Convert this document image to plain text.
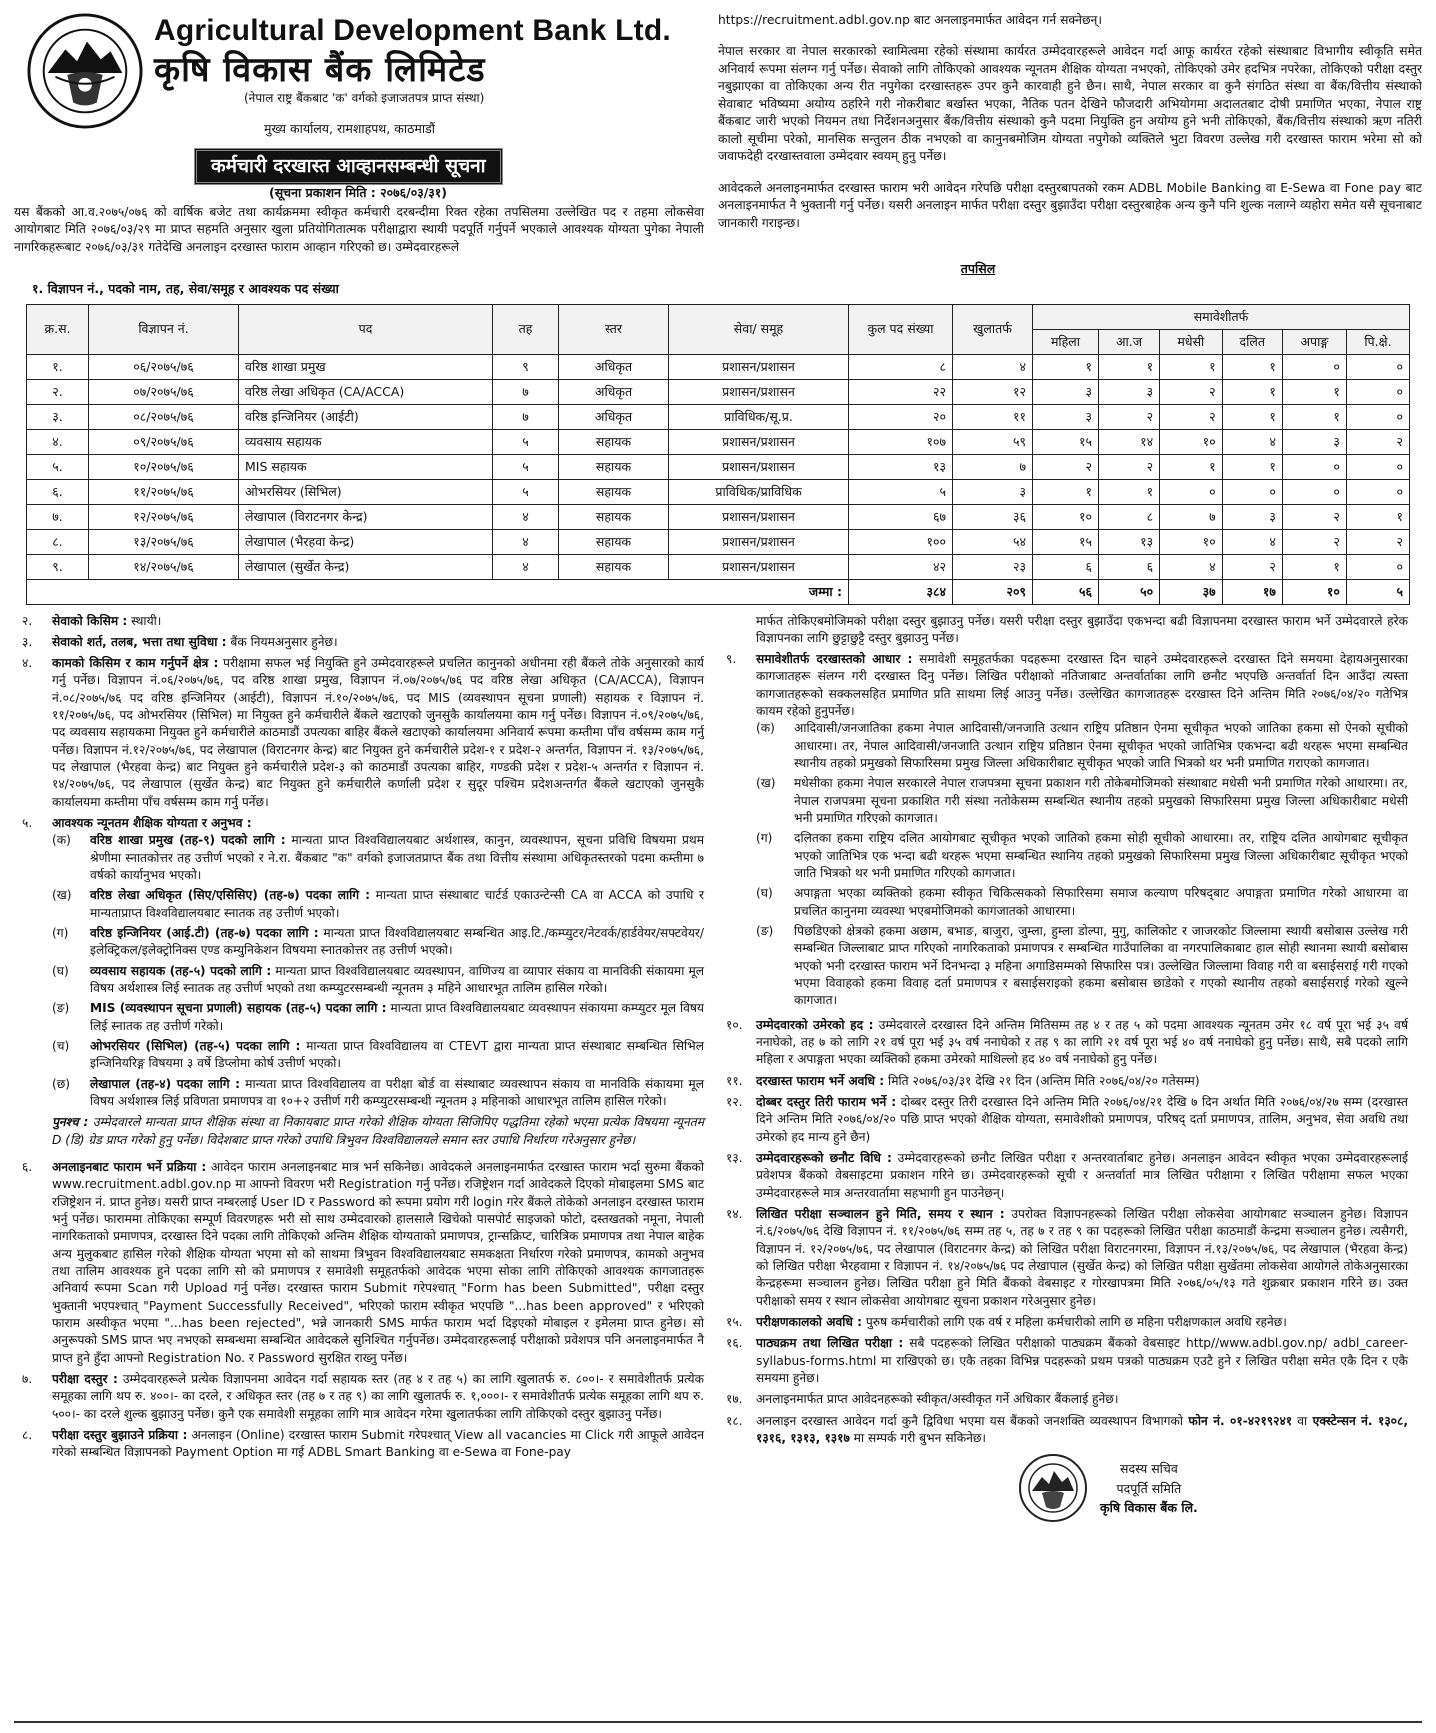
Agricultural Development Bank Ltd.
कृषि विकास बैंक लिमिटेड
(नेपाल राष्ट्र बैंकबाट 'क' वर्गको इजाजतपत्र प्राप्त संस्था)
मुख्य कार्यालय, रामशाहपथ, काठमाडौं
कर्मचारी दरखास्त आव्हानसम्बन्धी सूचना
(सूचना प्रकाशन मिति : २०७६/०३/३१)
यस बैंकको आ.व.२०७५/०७६ को वार्षिक बजेट तथा कार्यक्रममा स्वीकृत कर्मचारी दरबन्दीमा रिक्त रहेका तपसिलमा उल्लेखित पद र तहमा लोकसेवा आयोगबाट मिति २०७६/०३/२९ मा प्राप्त सहमति अनुसार खुला प्रतियोगितात्मक परीक्षाद्वारा स्थायी पदपूर्ति गर्नुपर्ने भएकाले आवश्यक योग्यता पुगेका नेपाली नागरिकहरूबाट २०७६/०३/३१ गतेदेखि अनलाइन दरखास्त फाराम आव्हान गरिएको छ। उम्मेदवारहरूले

https://recruitment.adbl.gov.np बाट अनलाइनमार्फत आवेदन गर्न सक्नेछन्।

नेपाल सरकार वा नेपाल सरकारको स्वामित्वमा रहेको संस्थामा कार्यरत उम्मेदवारहरूले आवेदन गर्दा आफू कार्यरत रहेको संस्थाबाट विभागीय स्वीकृति समेत अनिवार्य रूपमा संलग्न गर्नु पर्नेछ। सेवाको लागि तोकिएको आवश्यक न्यूनतम शैक्षिक योग्यता नभएको, तोकिएको उमेर हदभित्र नपरेका, तोकिएको परीक्षा दस्तुर नबुझाएका वा तोकिएका अन्य रीत नपुगेका दरखास्तहरू उपर कुनै कारवाही हुने छैन। साथै, नेपाल सरकार वा कुनै संगठित संस्था वा बैंक/वित्तीय संस्थाको सेवाबाट भविष्यमा अयोग्य ठहरिने गरी नोकरीबाट बर्खास्त भएका, नैतिक पतन देखिने फौजदारी अभियोगमा अदालतबाट दोषी प्रमाणित भएका, नेपाल राष्ट्र बैंकबाट जारी भएको नियमन तथा निर्देशनअनुसार बैंक/वित्तीय संस्थाको कुनै पदमा नियुक्ति हुन अयोग्य हुने भनी तोकिएको, बैंक/वित्तीय संस्थाको ऋण नतिरी कालो सूचीमा परेको, मानसिक सन्तुलन ठीक नभएको वा कानुनबमोजिम योग्यता नपुगेको व्यक्तिले भुटा विवरण उल्लेख गरी दरखास्त फाराम भरेमा सो को जवाफदेही दरखास्तवाला उम्मेदवार स्वयम् हुनु पर्नेछ।

आवेदकले अनलाइनमार्फत दरखास्त फाराम भरी आवेदन गरेपछि परीक्षा दस्तुरबापतको रकम ADBL Mobile Banking वा E-Sewa वा Fone pay बाट अनलाइनमार्फत नै भुक्तानी गर्नु पर्नेछ। यसरी अनलाइन मार्फत परीक्षा दस्तुर बुझाउँदा परीक्षा दस्तुरबाहेक अन्य कुनै पनि शुल्क नलाग्ने व्यहोरा समेत यसै सूचनाबाट जानकारी गराइन्छ।

तपसिल
१. विज्ञापन नं., पदको नाम, तह, सेवा/समूह र आवश्यक पद संख्या
क्र.स.	विज्ञापन नं.	पद	तह	स्तर	सेवा/ समूह	कुल पद संख्या	खुलातर्फ	समावेशीतर्फ					
								महिला	आ.ज	मधेसी	दलित	अपाङ्ग	पि.क्षे.
१.	०६/२०७५/७६	वरिष्ठ शाखा प्रमुख	९	अधिकृत	प्रशासन/प्रशासन	८	४	१	१	१	१	०	०
२.	०७/२०७५/७६	वरिष्ठ लेखा अधिकृत (CA/ACCA)	७	अधिकृत	प्रशासन/प्रशासन	२२	१२	३	३	२	१	१	०
३.	०८/२०७५/७६	वरिष्ठ इन्जिनियर (आईटी)	७	अधिकृत	प्राविधिक/सू.प्र.	२०	११	३	२	२	१	१	०
४.	०९/२०७५/७६	व्यवसाय सहायक	५	सहायक	प्रशासन/प्रशासन	१०७	५९	१५	१४	१०	४	३	२
५.	१०/२०७५/७६	MIS सहायक	५	सहायक	प्रशासन/प्रशासन	१३	७	२	२	१	१	०	०
६.	११/२०७५/७६	ओभरसियर (सिभिल)	५	सहायक	प्राविधिक/प्राविधिक	५	३	१	१	०	०	०	०
७.	१२/२०७५/७६	लेखापाल (विराटनगर केन्द्र)	४	सहायक	प्रशासन/प्रशासन	६७	३६	१०	८	७	३	२	१
८.	१३/२०७५/७६	लेखापाल (भैरहवा केन्द्र)	४	सहायक	प्रशासन/प्रशासन	१००	५४	१५	१३	१०	४	२	२
९.	१४/२०७५/७६	लेखापाल (सुर्खेत केन्द्र)	४	सहायक	प्रशासन/प्रशासन	४२	२३	६	६	४	२	१	०
जम्मा :						३८४	२०९	५६	५०	३७	१७	१०	५
२.	सेवाको किसिम : स्थायी।
३.	सेवाको शर्त, तलब, भत्ता तथा सुविधा : बैंक नियमअनुसार हुनेछ।
४.	कामको किसिम र काम गर्नुपर्ने क्षेत्र : परीक्षामा सफल भई नियुक्ति हुने उम्मेदवारहरूले प्रचलित कानुनको अधीनमा रही बैंकले तोके अनुसारको कार्य गर्नु पर्नेछ। विज्ञापन नं.०६/२०७५/७६, पद वरिष्ठ शाखा प्रमुख, विज्ञापन नं.०७/२०७५/७६ पद वरिष्ठ लेखा अधिकृत (CA/ACCA), विज्ञापन नं.०८/२०७५/७६ पद वरिष्ठ इन्जिनियर (आईटी), विज्ञापन नं.१०/२०७५/७६, पद MIS (व्यवस्थापन सूचना प्रणाली) सहायक र विज्ञापन नं. ११/२०७५/७६, पद ओभरसियर (सिभिल) मा नियुक्त हुने कर्मचारीले बैंकले खटाएको जुनसुकै कार्यालयमा काम गर्नु पर्नेछ। विज्ञापन नं.०९/२०७५/७६, पद व्यवसाय सहायकमा नियुक्त हुने कर्मचारीले काठमाडौं उपत्यका बाहिर बैंकले खटाएको कार्यालयमा अनिवार्य रूपमा कम्तीमा पाँच वर्षसम्म काम गर्नु पर्नेछ। विज्ञापन नं.१२/२०७५/७६, पद लेखापाल (विराटनगर केन्द्र) बाट नियुक्त हुने कर्मचारीले प्रदेश-१ र प्रदेश-२ अन्तर्गत, विज्ञापन नं. १३/२०७५/७६, पद लेखापाल (भैरहवा केन्द्र) बाट नियुक्त हुने कर्मचारीले प्रदेश-३ को काठमाडौं उपत्यका बाहिर, गण्डकी प्रदेश र प्रदेश-५ अन्तर्गत र विज्ञापन नं. १४/२०७५/७६, पद लेखापाल (सुर्खेत केन्द्र) बाट नियुक्त हुने कर्मचारीले कर्णाली प्रदेश र सुदूर पश्चिम प्रदेशअन्तर्गत बैंकले खटाएको जुनसुकै कार्यालयमा कम्तीमा पाँच वर्षसम्म काम गर्नु पर्नेछ।
५.	आवश्यक न्यूनतम शैक्षिक योग्यता र अनुभव :
(क)	वरिष्ठ शाखा प्रमुख (तह-९) पदको लागि : मान्यता प्राप्त विश्वविद्यालयबाट अर्थशास्त्र, कानुन, व्यवस्थापन, सूचना प्रविधि विषयमा प्रथम श्रेणीमा स्नातकोत्तर तह उत्तीर्ण भएको र ने.रा. बैंकबाट "क" वर्गको इजाजतप्राप्त बैंक तथा वित्तीय संस्थामा अधिकृतस्तरको पदमा कम्तीमा ७ वर्षको कार्यानुभव भएको।
(ख)	वरिष्ठ लेखा अधिकृत (सिए/एसिसिए) (तह-७) पदका लागि : मान्यता प्राप्त संस्थाबाट चार्टर्ड एकाउन्टेन्सी CA वा ACCA को उपाधि र मान्यताप्राप्त विश्वविद्यालयबाट स्नातक तह उत्तीर्ण भएको।
(ग)	वरिष्ठ इन्जिनियर (आई.टी) (तह-७) पदका लागि : मान्यता प्राप्त विश्वविद्यालयबाट सम्बन्धित आइ.टि./कम्प्युटर/नेटवर्क/हार्डवेयर/सफ्टवेयर/इलेक्ट्रिकल/इलेक्ट्रोनिक्स एण्ड कम्युनिकेशन विषयमा स्नातकोत्तर तह उत्तीर्ण भएको।
(घ)	व्यवसाय सहायक (तह-५) पदको लागि : मान्यता प्राप्त विश्वविद्यालयबाट व्यवस्थापन, वाणिज्य वा व्यापार संकाय वा मानविकी संकायमा मूल विषय अर्थशास्त्र लिई स्नातक तह उत्तीर्ण भएको तथा कम्प्युटरसम्बन्धी न्यूनतम ३ महिने आधारभूत तालिम हासिल गरेको।
(ङ)	MIS (व्यवस्थापन सूचना प्रणाली) सहायक (तह-५) पदका लागि : मान्यता प्राप्त विश्वविद्यालयबाट व्यवस्थापन संकायमा कम्प्युटर मूल विषय लिई स्नातक तह उत्तीर्ण गरेको।
(च)	ओभरसियर (सिभिल) (तह-५) पदका लागि : मान्यता प्राप्त विश्वविद्यालय वा CTEVT द्वारा मान्यता प्राप्त संस्थाबाट सम्बन्धित सिभिल इन्जिनियरिङ्ग विषयमा ३ वर्षे डिप्लोमा कोर्ष उत्तीर्ण भएको।
(छ)	लेखापाल (तह-४) पदका लागि : मान्यता प्राप्त विश्वविद्यालय वा परीक्षा बोर्ड वा संस्थाबाट व्यवस्थापन संकाय वा मानविकि संकायमा मूल विषय अर्थशास्त्र लिई प्रविणता प्रमाणपत्र वा १०+२ उत्तीर्ण गरी कम्प्युटरसम्बन्धी न्यूनतम ३ महिनाको आधारभूत तालिम हासिल गरेको।
पुनश्च : उम्मेदवारले मान्यता प्राप्त शैक्षिक संस्था वा निकायबाट प्राप्त गरेको शैक्षिक योग्यता सिजिपिए पद्धतिमा रहेको भएमा प्रत्येक विषयमा न्यूनतम D (डि) ग्रेड प्राप्त गरेको हुनु पर्नेछ। विदेशबाट प्राप्त गरेको उपाधि त्रिभुवन विश्वविद्यालयले समान स्तर उपाधि निर्धारण गरेअनुसार हुनेछ।
६.	अनलाइनबाट फाराम भर्ने प्रक्रिया : आवेदन फाराम अनलाइनबाट मात्र भर्न सकिनेछ। आवेदकले अनलाइनमार्फत दरखास्त फाराम भर्दा सुरुमा बैंकको www.recruitment.adbl.gov.np मा आफ्नो विवरण भरी Registration गर्नु पर्नेछ। रजिष्ट्रेशन गर्दा आवेदकले दिएको मोबाइलमा SMS बाट रजिष्ट्रेशन नं. प्राप्त हुनेछ। यसरी प्राप्त नम्बरलाई User ID र Password को रूपमा प्रयोग गरी login गरेर बैंकले तोकेको अनलाइन दरखास्त फाराम भर्नु पर्नेछ। फाराममा तोकिएका सम्पूर्ण विवरणहरू भरी सो साथ उम्मेदवारको हालसालै खिचेको पासपोर्ट साइजको फोटो, दस्तखतको नमूना, नेपाली नागरिकताको प्रमाणपत्र, दरखास्त दिने पदका लागि तोकिएको अन्तिम शैक्षिक योग्यताको प्रमाणपत्र, ट्रान्सक्रिप्ट, चारित्रिक प्रमाणपत्र तथा नेपाल बाहेक अन्य मुलुकबाट हासिल गरेको शैक्षिक योग्यता भएमा सो को साथमा त्रिभुवन विश्वविद्यालयबाट समकक्षता निर्धारण गरेको प्रमाणपत्र, कामको अनुभव तथा तालिम आवश्यक हुने पदका लागि सो को प्रमाणपत्र र समावेशी समूहतर्फको आवेदक भएमा सोका लागि तोकिएको आवश्यक कागजातहरू अनिवार्य रूपमा Scan गरी Upload गर्नु पर्नेछ। दरखास्त फाराम Submit गरेपश्चात् "Form has been Submitted", परीक्षा दस्तुर भुक्तानी भएपश्चात् "Payment Successfully Received", भरिएको फाराम स्वीकृत भएपछि "...has been approved" र भरिएको फाराम अस्वीकृत भएमा "...has been rejected", भन्ने जानकारी SMS मार्फत फाराम भर्दा दिइएको मोबाइल र इमेलमा प्राप्त हुनेछ। सो अनुरूपको SMS प्राप्त भए नभएको सम्बन्धमा सम्बन्धित आवेदकले सुनिश्चित गर्नुपर्नेछ। उम्मेदवारहरूलाई परीक्षाको प्रवेशपत्र पनि अनलाइनमार्फत नै प्राप्त हुने हुँदा आफ्नो Registration No. र Password सुरक्षित राख्नु पर्नेछ।
७.	परीक्षा दस्तुर : उम्मेदवारहरूले प्रत्येक विज्ञापनमा आवेदन गर्दा सहायक स्तर (तह ४ र तह ५) का लागि खुलातर्फ रु. ८००।- र समावेशीतर्फ प्रत्येक समूहका लागि थप रु. ४००।- का दरले, र अधिकृत स्तर (तह ७ र तह ९) का लागि खुलातर्फ रु. १,०००।- र समावेशीतर्फ प्रत्येक समूहका लागि थप रु. ५००।- का दरले शुल्क बुझाउनु पर्नेछ। कुनै एक समावेशी समूहका लागि मात्र आवेदन गरेमा खुलातर्फका लागि तोकिएको दस्तुर बुझाउनु पर्नेछ।
८.	परीक्षा दस्तुर बुझाउने प्रक्रिया : अनलाइन (Online) दरखास्त फाराम Submit गरेपश्चात् View all vacancies मा Click गरी आफूले आवेदन गरेको सम्बन्धित विज्ञापनको Payment Option मा गई ADBL Smart Banking वा e-Sewa वा Fone-pay
मार्फत तोकिएबमोजिमको परीक्षा दस्तुर बुझाउनु पर्नेछ। यसरी परीक्षा दस्तुर बुझाउँदा एकभन्दा बढी विज्ञापनमा दरखास्त फाराम भर्ने उम्मेदवारले हरेक विज्ञापनका लागि छुट्टाछुट्टै दस्तुर बुझाउनु पर्नेछ।
९.	समावेशीतर्फ दरखास्तको आधार : समावेशी समूहतर्फका पदहरूमा दरखास्त दिन चाहने उम्मेदवारहरूले दरखास्त दिने समयमा देहायअनुसारका कागजातहरू संलग्न गरी दरखास्त दिनु पर्नेछ। लिखित परीक्षाको नतिजाबाट अन्तर्वार्ताका लागि छनौट भएपछि अन्तर्वार्ता दिन आउँदा त्यस्ता कागजातहरूको सक्कलसहित प्रमाणित प्रति साथमा लिई आउनु पर्नेछ। उल्लेखित कागजातहरू दरखास्त दिने अन्तिम मिति २०७६/०४/२० गतेभित्र कायम रहेको हुनुपर्नेछ।
(क)	आदिवासी/जनजातिका हकमा नेपाल आदिवासी/जनजाति उत्थान राष्ट्रिय प्रतिष्ठान ऐनमा सूचीकृत भएको जातिका हकमा सो ऐनको सूचीको आधारमा। तर, नेपाल आदिवासी/जनजाति उत्थान राष्ट्रिय प्रतिष्ठान ऐनमा सूचीकृत भएको जातिभित्र एकभन्दा बढी थरहरू भएमा सम्बन्धित स्थानीय तहको प्रमुखको सिफारिसमा प्रमुख जिल्ला अधिकारीबाट सूचीकृत भएको जाति भित्रको थर भनी प्रमाणित गराएको कागजात।
(ख)	मधेसीका हकमा नेपाल सरकारले नेपाल राजपत्रमा सूचना प्रकाशन गरी तोकेबमोजिमको संस्थाबाट मधेसी भनी प्रमाणित गरेको आधारमा। तर, नेपाल राजपत्रमा सूचना प्रकाशित गरी संस्था नतोकेसम्म सम्बन्धित स्थानीय तहको प्रमुखको सिफारिसमा प्रमुख जिल्ला अधिकारीबाट मधेसी भनी प्रमाणित गरिएको कागजात।
(ग)	दलितका हकमा राष्ट्रिय दलित आयोगबाट सूचीकृत भएको जातिको हकमा सोही सूचीको आधारमा। तर, राष्ट्रिय दलित आयोगबाट सूचीकृत भएको जातिभित्र एक भन्दा बढी थरहरू भएमा सम्बन्धित स्थानिय तहको प्रमुखको सिफारिसमा प्रमुख जिल्ला अधिकारीबाट सूचीकृत भएको जाति भित्रको थर भनी प्रमाणित गरिएको कागजात।
(घ)	अपाङ्गता भएका व्यक्तिको हकमा स्वीकृत चिकित्सकको सिफारिसमा समाज कल्याण परिषद्‌बाट अपाङ्गता प्रमाणित गरेको आधारमा वा प्रचलित कानुनमा व्यवस्था भएबमोजिमको कागजातको आधारमा।
(ङ)	पिछडिएको क्षेत्रको हकमा अछाम, बभाङ, बाजुरा, जुम्ला, हुम्ला डोल्पा, मुगु, कालिकोट र जाजरकोट जिल्लामा स्थायी बसोबास उल्लेख गरी सम्बन्धित जिल्लाबाट प्राप्त गरिएको नागरिकताको प्रमाणपत्र र सम्बन्धित गाउँपालिका वा नगरपालिकाबाट हाल सोही स्थानमा स्थायी बसोबास भएको भनी दरखास्त फाराम भर्ने दिनभन्दा ३ महिना अगाडिसम्मको सिफारिस पत्र। उल्लेखित जिल्लामा विवाह गरी वा बसाईसराई गरी गएको भएमा विवाहको हकमा विवाह दर्ता प्रमाणपत्र र बसाईसराइको हकमा बसोबास छाडेको र गएको स्थानीय तहको बसाईसराई गरेको खुल्ने कागजात।
१०.	उम्मेदवारको उमेरको हद : उम्मेदवारले दरखास्त दिने अन्तिम मितिसम्म तह ४ र तह ५ को पदमा आवश्यक न्यूनतम उमेर १८ वर्ष पूरा भई ३५ वर्ष ननाघेको, तह ७ को लागि २१ वर्ष पूरा भई ३५ वर्ष ननाघेको र तह ९ का लागि २१ वर्ष पूरा भई ४० वर्ष ननाघेको हुनु पर्नेछ। साथै, सबै पदको लागि महिला र अपाङ्गता भएका व्यक्तिको हकमा उमेरको माथिल्लो हद ४० वर्ष ननाघेको हुनु पर्नेछ।
११.	दरखास्त फाराम भर्ने अवधि : मिति २०७६/०३/३१ देखि २१ दिन (अन्तिम मिति २०७६/०४/२० गतेसम्म)
१२.	दोब्बर दस्तुर तिरी फाराम भर्ने : दोब्बर दस्तुर तिरी दरखास्त दिने अन्तिम मिति २०७६/०४/२१ देखि ७ दिन अर्थात मिति २०७६/०४/२७ सम्म (दरखास्त दिने अन्तिम मिति २०७६/०४/२० पछि प्राप्त भएको शैक्षिक योग्यता, समावेशीको प्रमाणपत्र, परिषद् दर्ता प्रमाणपत्र, तालिम, अनुभव, सेवा अवधि तथा उमेरको हद मान्य हुने छैन)
१३.	उम्मेदवारहरूको छनौट विधि : उम्मेदवारहरूको छनौट लिखित परीक्षा र अन्तरवार्ताबाट हुनेछ। अनलाइन आवेदन स्वीकृत भएका उम्मेदवारहरूलाई प्रवेशपत्र बैंकको वेबसाइटमा प्रकाशन गरिने छ। उम्मेदवारहरूको सूची र अन्तर्वार्ता मात्र लिखित परीक्षामा र लिखित परीक्षामा सफल भएका उम्मेदवारहरूले मात्र अन्तरवार्तामा सहभागी हुन पाउनेछन्।
१४.	लिखित परीक्षा सञ्चालन हुने मिति, समय र स्थान : उपरोक्त विज्ञापनहरूको लिखित परीक्षा लोकसेवा आयोगबाट सञ्चालन हुनेछ। विज्ञापन नं.६/२०७५/७६ देखि विज्ञापन नं. ११/२०७५/७६ सम्म तह ५, तह ७ र तह ९ का पदहरूको लिखित परीक्षा काठमाडौं केन्द्रमा सञ्चालन हुनेछ। त्यसैगरी, विज्ञापन नं. १२/२०७५/७६, पद लेखापाल (विराटनगर केन्द्र) को लिखित परीक्षा विराटनगरमा, विज्ञापन नं.१३/२०७५/७६, पद लेखापाल (भैरहवा केन्द्र) को लिखित परीक्षा भैरहवामा र विज्ञापन नं. १४/२०७५/७६ पद लेखापाल (सुर्खेत केन्द्र) को लिखित परीक्षा सुर्खेतमा लोकसेवा आयोगले तोकेअनुसारका केन्द्रहरूमा सञ्चालन हुनेछ। लिखित परीक्षा हुने मिति बैंकको वेबसाइट र गोरखापत्रमा मिति २०७६/०५/१३ गते शुक्रबार प्रकाशन गरिने छ। उक्त परीक्षाको समय र स्थान लोकसेवा आयोगबाट सूचना प्रकाशन गरेअनुसार हुनेछ।
१५.	परीक्षणकालको अवधि : पुरुष कर्मचारीको लागि एक वर्ष र महिला कर्मचारीको लागि छ महिना परीक्षणकाल अवधि रहनेछ।
१६.	पाठ्यक्रम तथा लिखित परीक्षा : सबै पदहरूको लिखित परीक्षाको पाठ्यक्रम बैंकको वेबसाइट http//www.adbl.gov.np/ adbl_career-syllabus-forms.html मा राखिएको छ। एकै तहका विभिन्न पदहरूको प्रथम पत्रको पाठ्यक्रम एउटै हुने र लिखित परीक्षा समेत एकै दिन र एकै समयमा हुनेछ।
१७.	अनलाइनमार्फत प्राप्त आवेदनहरूको स्वीकृत/अस्वीकृत गर्ने अधिकार बैंकलाई हुनेछ।
१८.	अनलाइन दरखास्त आवेदन गर्दा कुनै द्विविधा भएमा यस बैंकको जनशक्ति व्यवस्थापन विभागको फोन नं. ०१-४२१९२४१ वा एक्स्टेन्सन नं. १३०८, १३१६, १३१३, १३१७ मा सम्पर्क गरी बुभन सकिनेछ।
सदस्य सचिव
पदपूर्ति समिति
कृषि विकास बैंक लि.
